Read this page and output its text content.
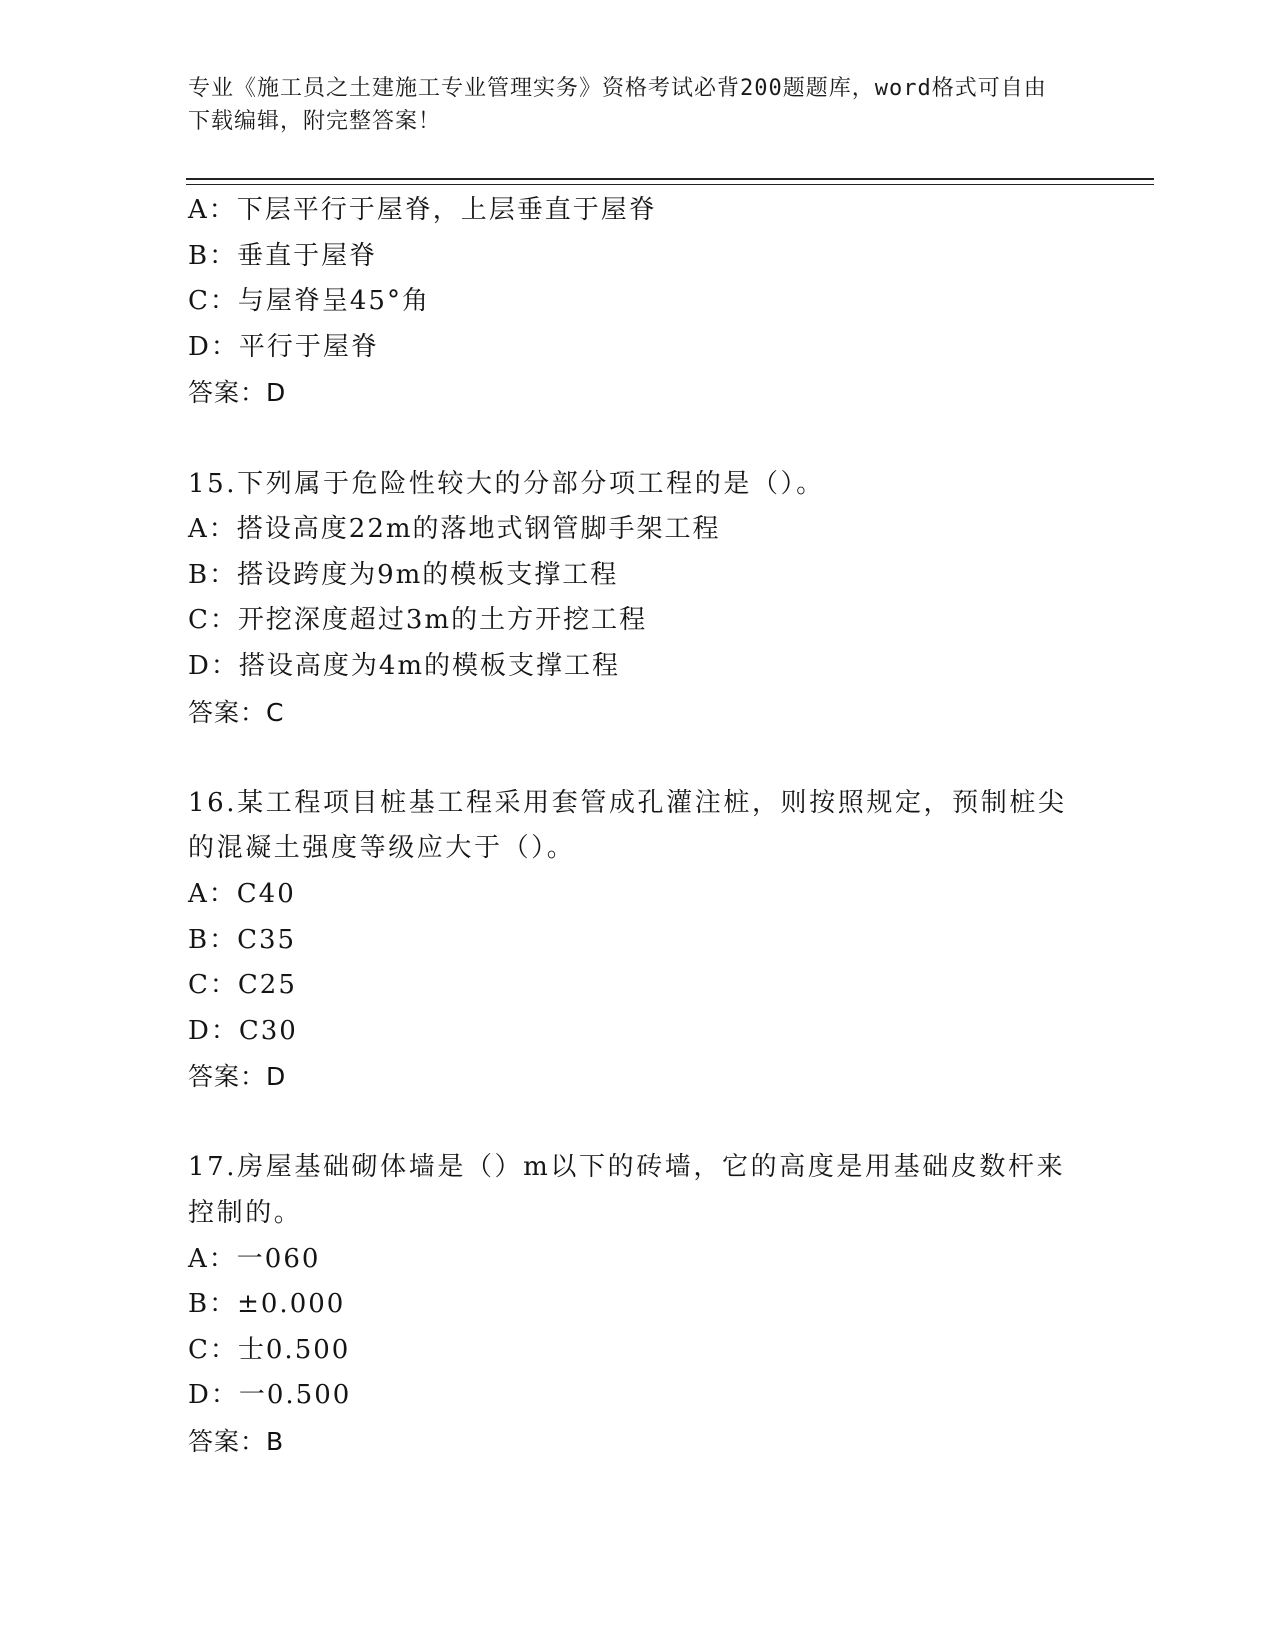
专业《施工员之土建施工专业管理实务》资格考试必背200题题库，word格式可自由下载编辑，附完整答案！
A：下层平行于屋脊，上层垂直于屋脊
B：垂直于屋脊
C：与屋脊呈45°角
D：平行于屋脊
答案：D
15.下列属于危险性较大的分部分项工程的是（）。
A：搭设高度22m的落地式钢管脚手架工程
B：搭设跨度为9m的模板支撑工程
C：开挖深度超过3m的土方开挖工程
D：搭设高度为4m的模板支撑工程
答案：C
16.某工程项目桩基工程采用套管成孔灌注桩，则按照规定，预制桩尖的混凝土强度等级应大于（）。
A：C40
B：C35
C：C25
D：C30
答案：D
17.房屋基础砌体墙是（）m以下的砖墙，它的高度是用基础皮数杆来控制的。
A：一060
B：±0.000
C：士0.500
D：一0.500
答案：B
